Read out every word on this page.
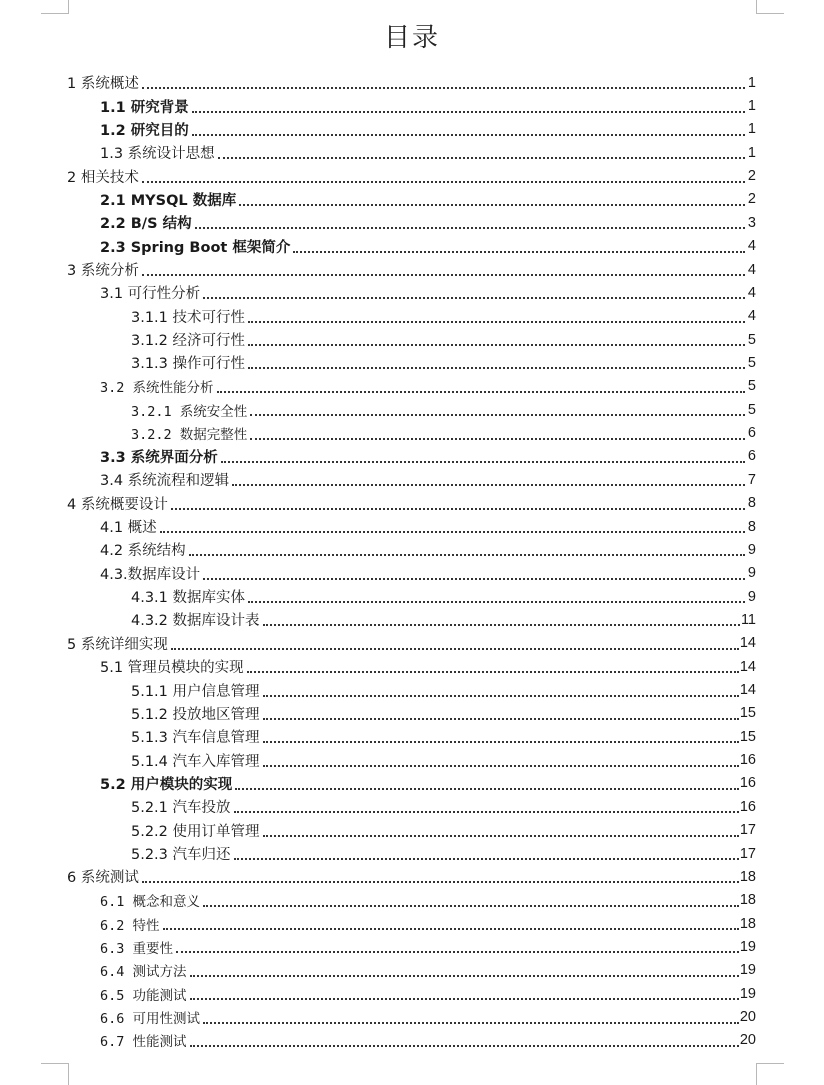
目录
1 系统概述	1
1.1 研究背景	1
1.2 研究目的	1
1.3 系统设计思想	1
2 相关技术	2
2.1 MYSQL 数据库	2
2.2 B/S 结构	3
2.3 Spring Boot 框架简介	4
3 系统分析	4
3.1 可行性分析	4
3.1.1 技术可行性	4
3.1.2 经济可行性	5
3.1.3 操作可行性	5
3.2 系统性能分析	5
3.2.1 系统安全性	5
3.2.2 数据完整性	6
3.3 系统界面分析	6
3.4 系统流程和逻辑	7
4 系统概要设计	8
4.1 概述	8
4.2 系统结构	9
4.3.数据库设计	9
4.3.1 数据库实体	9
4.3.2 数据库设计表	11
5 系统详细实现	14
5.1 管理员模块的实现	14
5.1.1 用户信息管理	14
5.1.2 投放地区管理	15
5.1.3 汽车信息管理	15
5.1.4 汽车入库管理	16
5.2 用户模块的实现	16
5.2.1 汽车投放	16
5.2.2 使用订单管理	17
5.2.3 汽车归还	17
6 系统测试	18
6.1 概念和意义	18
6.2 特性	18
6.3 重要性	19
6.4 测试方法	19
6.5 功能测试	19
6.6 可用性测试	20
6.7 性能测试	20
